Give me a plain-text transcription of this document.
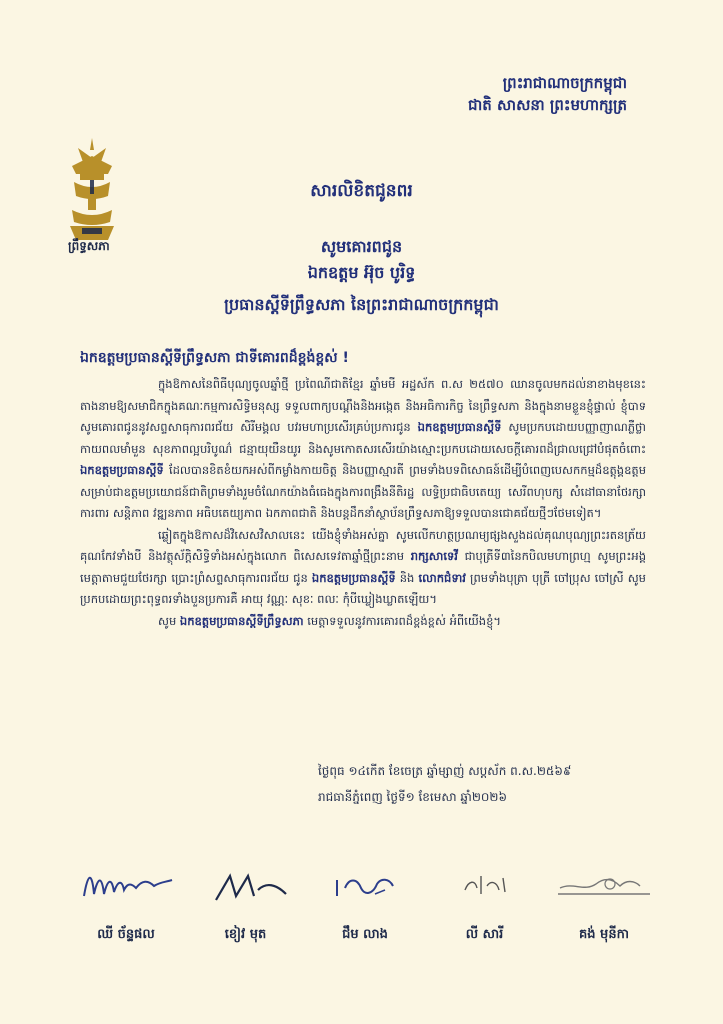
ព្រះរាជាណាចក្រកម្ពុជា
ជាតិ សាសនា ព្រះមហាក្សត្រ
ព្រឹទ្ធសភា
សារលិខិតជូនពរ
សូមគោរពជូន
ឯកឧត្តម អ៊ុច បូរិទ្ធ
ប្រធានស្ដីទីព្រឹទ្ធសភា នៃព្រះរាជាណាចក្រកម្ពុជា
ឯកឧត្តមប្រធានស្ដីទីព្រឹទ្ធសភា ជាទីគោរពដ៏ខ្ពង់ខ្ពស់ !

ក្នុងឱកាសនៃពិធីបុណ្យចូលឆ្នាំថ្មី ប្រពៃណីជាតិខ្មែរ ឆ្នាំមមី អដ្ឋស័ក ព.ស ២៥៧០ ឈានចូលមកដល់នាខាងមុខនេះ តាងនាមឱ្យសមាជិកក្នុងគណៈកម្មការសិទ្ធិមនុស្ស ទទួលពាក្យបណ្ដឹងនិងអង្កេត និងអធិការកិច្ច នៃព្រឹទ្ធសភា និងក្នុងនាមខ្លួនខ្ញុំផ្ទាល់ ខ្ញុំបាទសូមគោរពជូននូវសព្ទសាធុការពរជ័យ សិរីមង្គល បវរមហាប្រសើរគ្រប់ប្រការជូន ឯកឧត្តមប្រធានស្ដីទី សូមប្រកបដោយបញ្ញាញាណភ្លឺថ្លា កាយពលមាំមួន សុខភាពល្អបរិបូណ៌ ជន្មាយុយឺនយូរ និងសូមកោតសរសើរយ៉ាងស្មោះប្រកបដោយសេចក្ដីគោរពដ៏ជ្រាលជ្រៅបំផុតចំពោះ ឯកឧត្តមប្រធានស្ដីទី ដែលបានខិតខំយកអស់ពីកម្លាំងកាយចិត្ត និងបញ្ញាស្មារតី ព្រមទាំងបទពិសោធន៍ដើម្បីបំពេញបេសកកម្មដ៏ឧត្ដុង្គឧត្ដមសម្រាប់ជាឧត្ដមប្រយោជន៍ជាតិព្រមទាំងរួមចំណែកយ៉ាងធំធេងក្នុងការពង្រឹងនីតិរដ្ឋ លទ្ធិប្រជាធិបតេយ្យ សេរីពហុបក្ស សំដៅធានាថែរក្សាការពារ សន្តិភាព វឌ្ឍនភាព អធិបតេយ្យភាព ឯកភាពជាតិ និងបន្តដឹកនាំស្ថាប័នព្រឹទ្ធសភាឱ្យទទួលបានជោគជ័យថ្មីៗថែមទៀត។

ឆ្លៀតក្នុងឱកាសដ៏វិសេសវិសាលនេះ យើងខ្ញុំទាំងអស់គ្នា សូមលើកហត្ថប្រណម្យផ្សងសួងដល់គុណបុណ្យព្រះរតនត្រ័យ គុណកែវទាំងបី និងវត្ថុស័ក្ដិសិទ្ធិទាំងអស់ក្នុងលោក ពិសេសទេវតាឆ្នាំថ្មីព្រះនាម រាក្សសាទេវី ជាបុត្រីទី៣នៃកបិលមហាព្រហ្ម សូមព្រះអង្គមេត្តាតាមជួយថែរក្សា ប្រោះព្រំសព្ទសាធុការពរជ័យ ជូន ឯកឧត្តមប្រធានស្ដីទី និង លោកជំទាវ ព្រមទាំងបុត្រា បុត្រី ចៅប្រុស ចៅស្រី សូមប្រកបដោយព្រះពុទ្ធពរទាំងបួនប្រការគឺ អាយុ វណ្ណៈ សុខៈ ពលៈ កុំបីឃ្លៀងឃ្លាតឡើយ។

សូម ឯកឧត្តមប្រធានស្ដីទីព្រឹទ្ធសភា មេត្តាទទួលនូវការគោរពដ៏ខ្ពង់ខ្ពស់ អំពីយើងខ្ញុំ។

ថ្ងៃពុធ ១៤កើត ខែចេត្រ ឆ្នាំម្សាញ់ សប្តស័ក ព.ស.២៥៦៩
រាជធានីភ្នំពេញ ថ្ងៃទី១ ខែមេសា ឆ្នាំ២០២៦
ឈី ច័ន្ទផល	ខៀវ មុត	ជឹម លាង	លី សារី	គង់ មុនីកា
